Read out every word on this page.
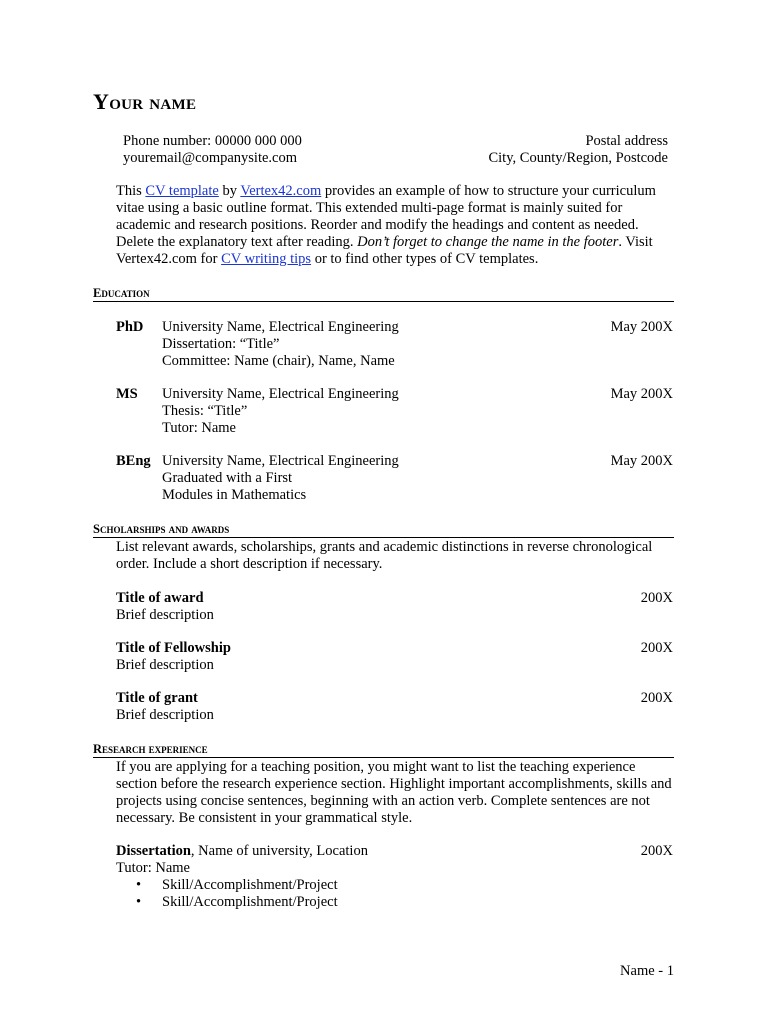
Your name
Phone number: 00000 000 000
youremail@companysite.com
Postal address
City, County/Region, Postcode
This CV template by Vertex42.com provides an example of how to structure your curriculum vitae using a basic outline format. This extended multi-page format is mainly suited for academic and research positions. Reorder and modify the headings and content as needed. Delete the explanatory text after reading. Don’t forget to change the name in the footer. Visit Vertex42.com for CV writing tips or to find other types of CV templates.
Education
PhD University Name, Electrical Engineering
Dissertation: “Title”
Committee: Name (chair), Name, Name
May 200X
MS University Name, Electrical Engineering
Thesis: “Title”
Tutor: Name
May 200X
BEng University Name, Electrical Engineering
Graduated with a First
Modules in Mathematics
May 200X
Scholarships and awards
List relevant awards, scholarships, grants and academic distinctions in reverse chronological order. Include a short description if necessary.
Title of award
Brief description
200X
Title of Fellowship
Brief description
200X
Title of grant
Brief description
200X
Research experience
If you are applying for a teaching position, you might want to list the teaching experience section before the research experience section. Highlight important accomplishments, skills and projects using concise sentences, beginning with an action verb. Complete sentences are not necessary. Be consistent in your grammatical style.
Dissertation, Name of university, Location
Tutor: Name
• Skill/Accomplishment/Project
• Skill/Accomplishment/Project
200X
Name - 1
